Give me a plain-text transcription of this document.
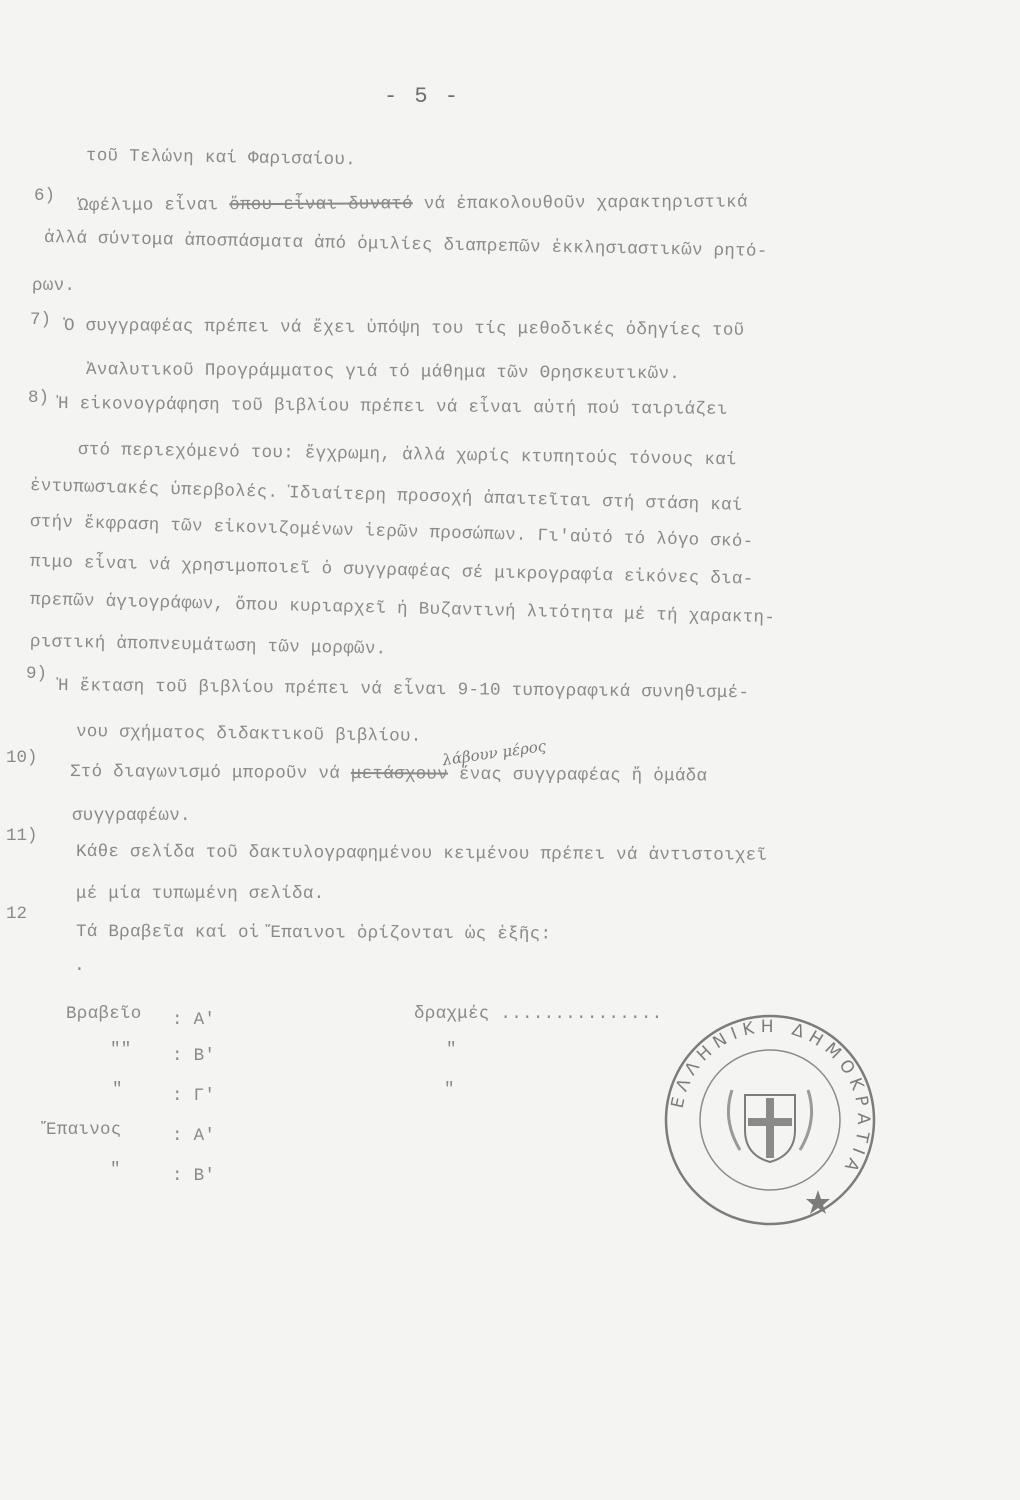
- 5 -
τοῦ Τελώνη καί Φαρισαίου.
6) Ὠφέλιμο εἶναι ὅπου εἶναι δυνατό νά ἐπακολουθοῦν χαρακτηριστικά
ἀλλά σύντομα ἀποσπάσματα ἀπό ὁμιλίες διαπρεπῶν ἐκκλησιαστικῶν ρητό-
ρων.
7) Ὁ συγγραφέας πρέπει νά ἔχει ὑπόψη του τίς μεθοδικές ὁδηγίες τοῦ
Ἀναλυτικοῦ Προγράμματος γιά τό μάθημα τῶν Θρησκευτικῶν.
8) Ἡ εἰκονογράφηση τοῦ βιβλίου πρέπει νά εἶναι αὐτή πού ταιριάζει
στό περιεχόμενό του: ἔγχρωμη, ἀλλά χωρίς κτυπητούς τόνους καί
ἐντυπωσιακές ὑπερβολές. Ἰδιαίτερη προσοχή ἀπαιτεῖται στή στάση καί
στήν ἔκφραση τῶν εἰκονιζομένων ἱερῶν προσώπων. Γι'αὐτό τό λόγο σκό-
πιμο εἶναι νά χρησιμοποιεῖ ὁ συγγραφέας σέ μικρογραφία εἰκόνες δια-
πρεπῶν ἁγιογράφων, ὅπου κυριαρχεῖ ἡ Βυζαντινή λιτότητα μέ τή χαρακτη-
ριστική ἀποπνευμάτωση τῶν μορφῶν.
9)
Ἡ ἔκταση τοῦ βιβλίου πρέπει νά εἶναι 9-10 τυπογραφικά συνηθισμέ-
νου σχήματος διδακτικοῦ βιβλίου.
10)	λάβουν μέρος
Στό διαγωνισμό μποροῦν νά μετάσχουν ἕνας συγγραφέας ἤ ὁμάδα
συγγραφέων.
11)
Κάθε σελίδα τοῦ δακτυλογραφημένου κειμένου πρέπει νά ἀντιστοιχεῖ
μέ μία τυπωμένη σελίδα.
12
Τά Βραβεῖα καί οἱ Ἔπαινοι ὁρίζονται ὡς ἑξῆς:
·
Βραβεῖο : Α'	δραχμές ...............
"" : Β'	"
"	: Γ'	"
Ἔπαινος	: Α'
"	: Β'
ΕΛΛΗΝΙΚΗ ΔΗΜΟΚΡΑΤΙΑ
